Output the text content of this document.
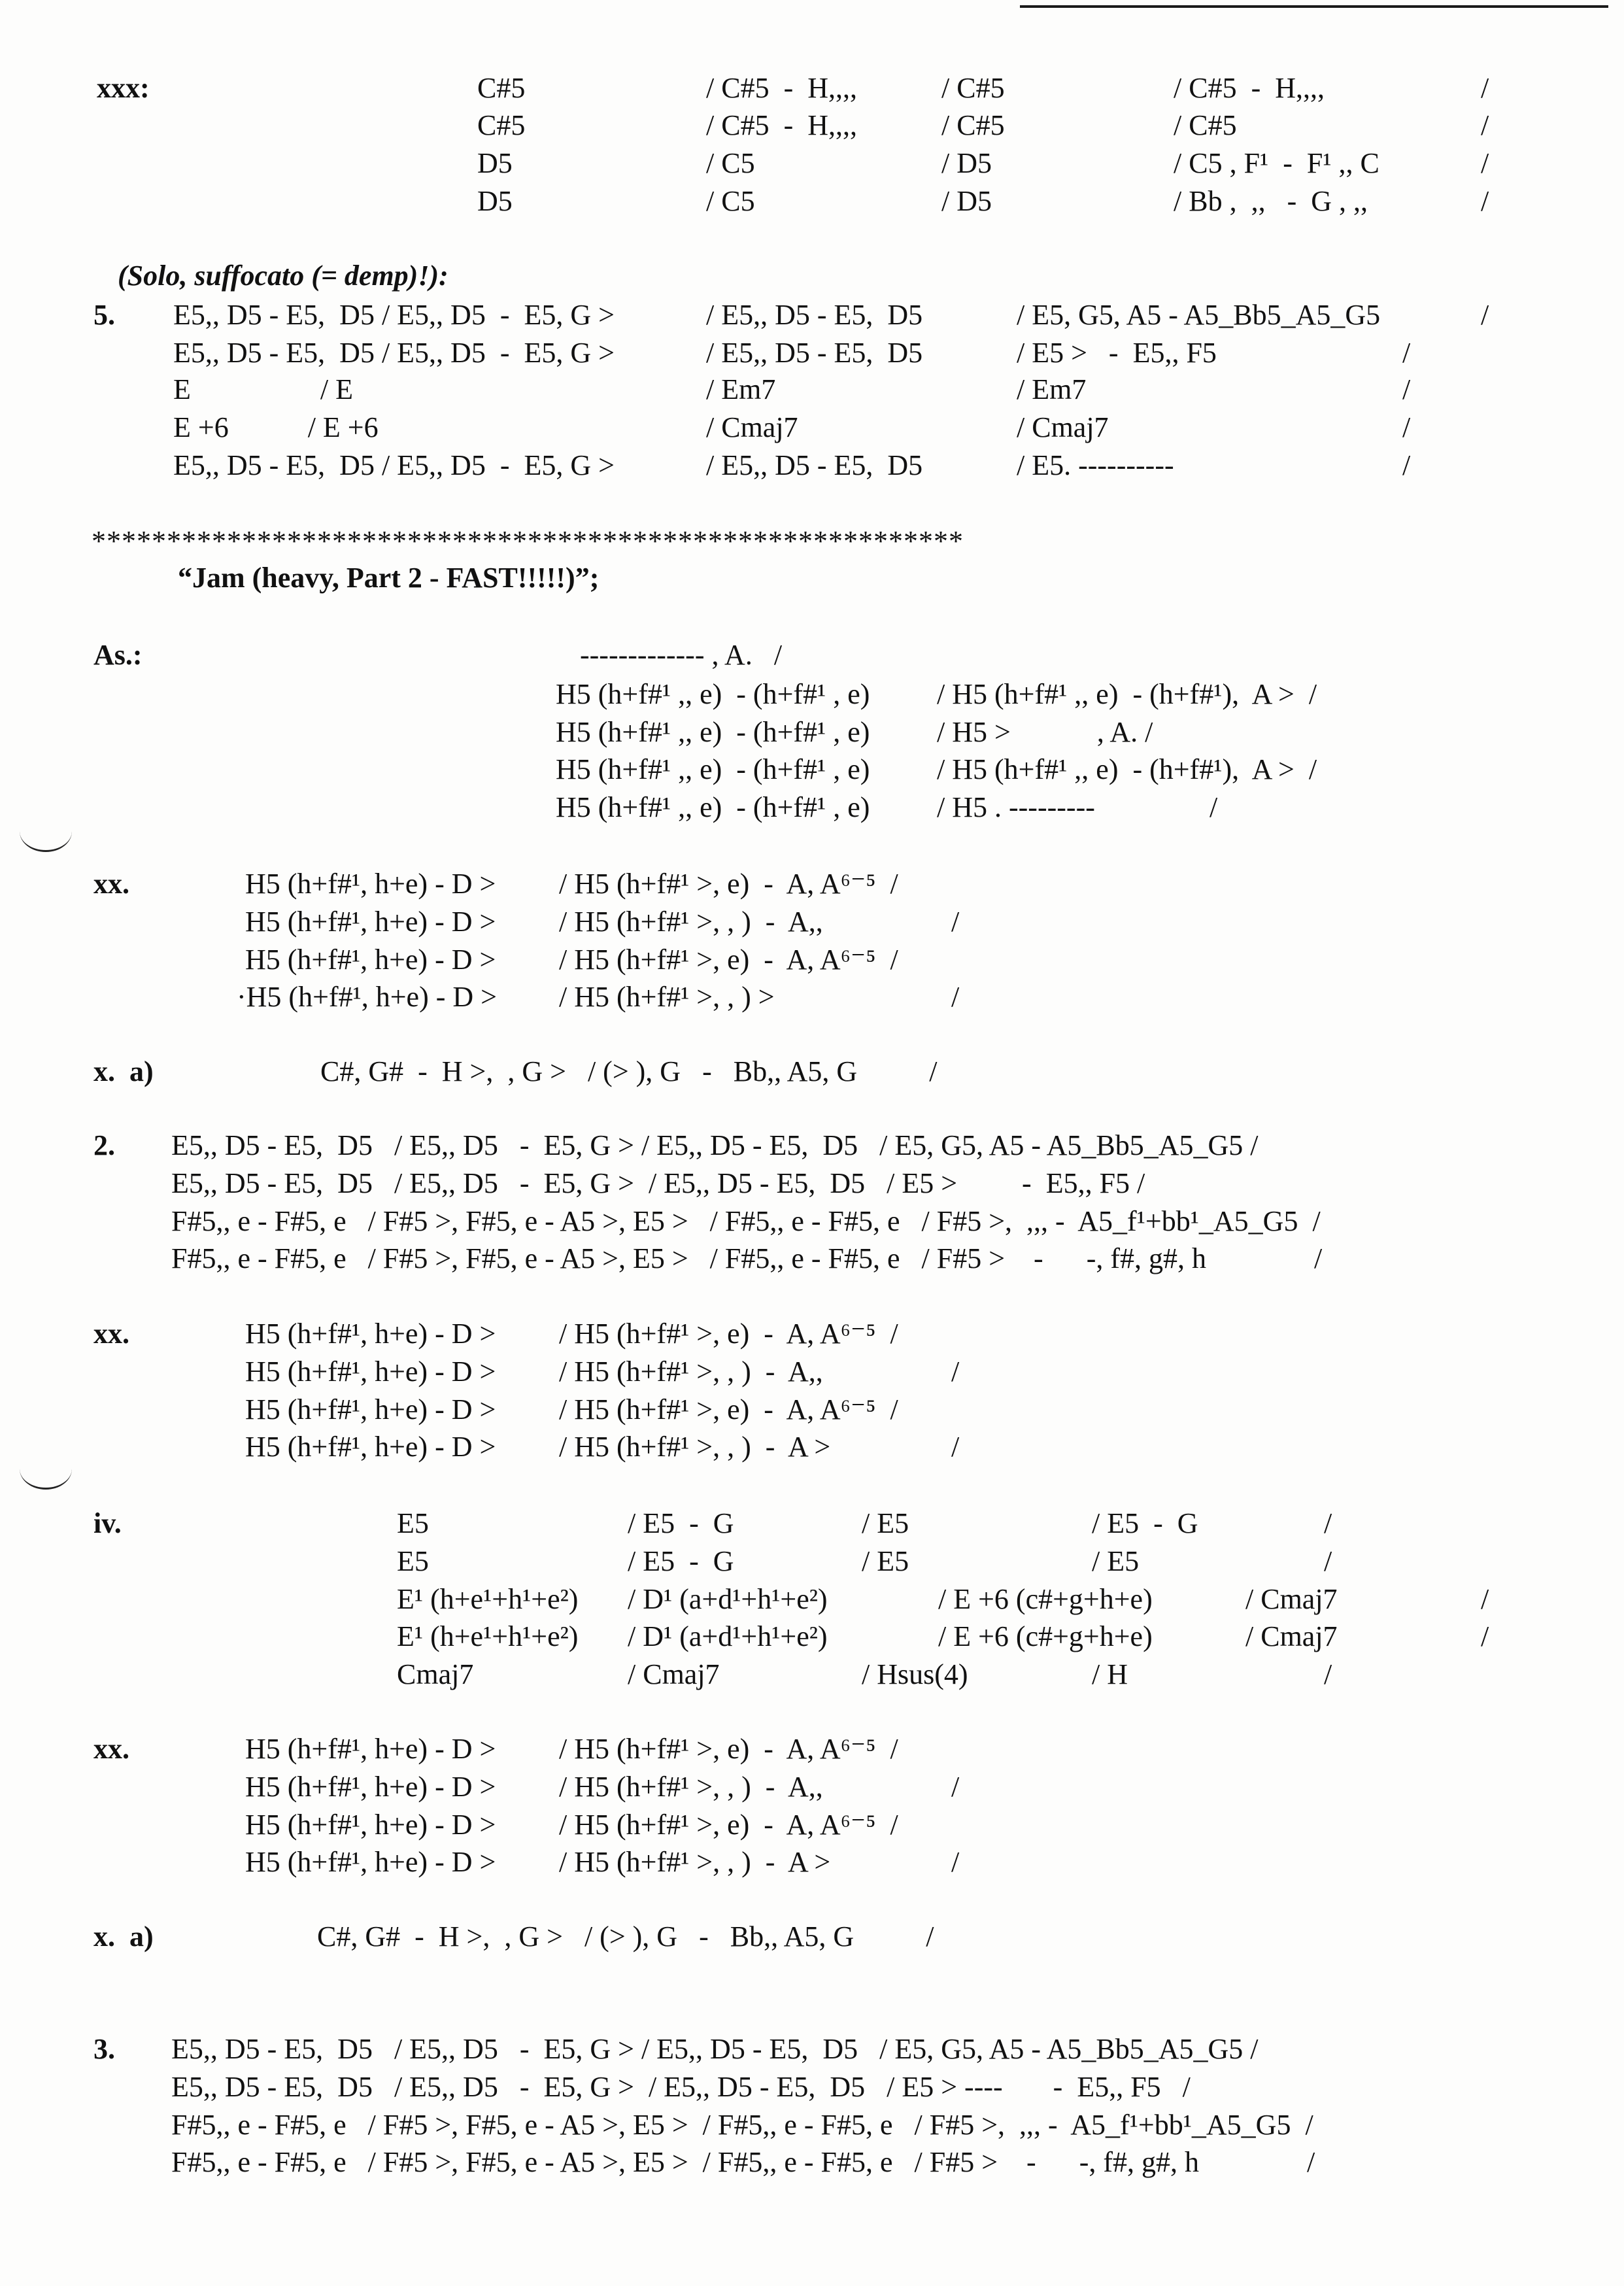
xxx:	C#5	/ C#5  -  H,,,,	/ C#5	/ C#5  -  H,,,,	/
C#5	/ C#5  -  H,,,,	/ C#5	/ C#5	/
D5	/ C5	/ D5	/ C5 , F¹  -  F¹ ,, C	/
D5	/ C5	/ D5	/ Bb ,  ,,   -  G , ,,	/
(Solo, suffocato (= demp)!):
5. E5,, D5 - E5,  D5 / E5,, D5  -  E5, G >	/ E5,, D5 - E5,  D5	/ E5, G5, A5 - A5_Bb5_A5_G5	/
E5,, D5 - E5,  D5 / E5,, D5  -  E5, G >	/ E5,, D5 - E5,  D5	/ E5 >   -  E5,, F5	/
E                  / E	/ Em7	/ Em7	/
E +6           / E +6	/ Cmaj7	/ Cmaj7	/
E5,, D5 - E5,  D5 / E5,, D5  -  E5, G >	/ E5,, D5 - E5,  D5	/ E5. ----------	/
**********************************************************
“Jam (heavy, Part 2 - FAST!!!!!)”;
As.:	------------- , A.   /
H5 (h+f#¹ ,, e)  - (h+f#¹ , e) / H5 (h+f#¹ ,, e)  - (h+f#¹),  A >  /
H5 (h+f#¹ ,, e)  - (h+f#¹ , e) / H5 >            , A. /
H5 (h+f#¹ ,, e)  - (h+f#¹ , e) / H5 (h+f#¹ ,, e)  - (h+f#¹),  A >  /
H5 (h+f#¹ ,, e)  - (h+f#¹ , e) / H5 . ---------	/
xx.	H5 (h+f#¹, h+e) - D > / H5 (h+f#¹ >, e)  -  A, A⁶⁻⁵  /
H5 (h+f#¹, h+e) - D > / H5 (h+f#¹ >, , )  -  A,,	/
H5 (h+f#¹, h+e) - D > / H5 (h+f#¹ >, e)  -  A, A⁶⁻⁵  /
·H5 (h+f#¹, h+e) - D > / H5 (h+f#¹ >, , ) >	/
x.  a)	C#, G#  -  H >,  , G >   / (> ), G   -   Bb,, A5, G          /
2. E5,, D5 - E5,  D5   / E5,, D5   -  E5, G > / E5,, D5 - E5,  D5   / E5, G5, A5 - A5_Bb5_A5_G5 /
E5,, D5 - E5,  D5   / E5,, D5   -  E5, G >  / E5,, D5 - E5,  D5   / E5 >         -  E5,, F5 /
F#5,, e - F#5, e   / F#5 >, F#5, e - A5 >, E5 >   / F#5,, e - F#5, e   / F#5 >,  ,,, -  A5_f¹+bb¹_A5_G5  /
F#5,, e - F#5, e   / F#5 >, F#5, e - A5 >, E5 >   / F#5,, e - F#5, e   / F#5 >    -      -, f#, g#, h               /
xx.	H5 (h+f#¹, h+e) - D > / H5 (h+f#¹ >, e)  -  A, A⁶⁻⁵  /
H5 (h+f#¹, h+e) - D > / H5 (h+f#¹ >, , )  -  A,,	/
H5 (h+f#¹, h+e) - D > / H5 (h+f#¹ >, e)  -  A, A⁶⁻⁵  /
H5 (h+f#¹, h+e) - D > / H5 (h+f#¹ >, , )  -  A >	/
iv.	E5	/ E5  -  G	/ E5	/ E5  -  G	/
E5	/ E5  -  G	/ E5	/ E5	/
E¹ (h+e¹+h¹+e²) / D¹ (a+d¹+h¹+e²)	/ E +6 (c#+g+h+e)	/ Cmaj7	/
E¹ (h+e¹+h¹+e²) / D¹ (a+d¹+h¹+e²)	/ E +6 (c#+g+h+e)	/ Cmaj7	/
Cmaj7	/ Cmaj7	/ Hsus(4)	/ H	/
xx.	H5 (h+f#¹, h+e) - D > / H5 (h+f#¹ >, e)  -  A, A⁶⁻⁵  /
H5 (h+f#¹, h+e) - D > / H5 (h+f#¹ >, , )  -  A,,	/
H5 (h+f#¹, h+e) - D > / H5 (h+f#¹ >, e)  -  A, A⁶⁻⁵  /
H5 (h+f#¹, h+e) - D > / H5 (h+f#¹ >, , )  -  A >	/
x.  a)	C#, G#  -  H >,  , G >   / (> ), G   -   Bb,, A5, G          /
3. E5,, D5 - E5,  D5   / E5,, D5   -  E5, G > / E5,, D5 - E5,  D5   / E5, G5, A5 - A5_Bb5_A5_G5 /
E5,, D5 - E5,  D5   / E5,, D5   -  E5, G >  / E5,, D5 - E5,  D5   / E5 > ----       -  E5,, F5   /
F#5,, e - F#5, e   / F#5 >, F#5, e - A5 >, E5 >  / F#5,, e - F#5, e   / F#5 >,  ,,, -  A5_f¹+bb¹_A5_G5  /
F#5,, e - F#5, e   / F#5 >, F#5, e - A5 >, E5 >  / F#5,, e - F#5, e   / F#5 >    -      -, f#, g#, h               /
